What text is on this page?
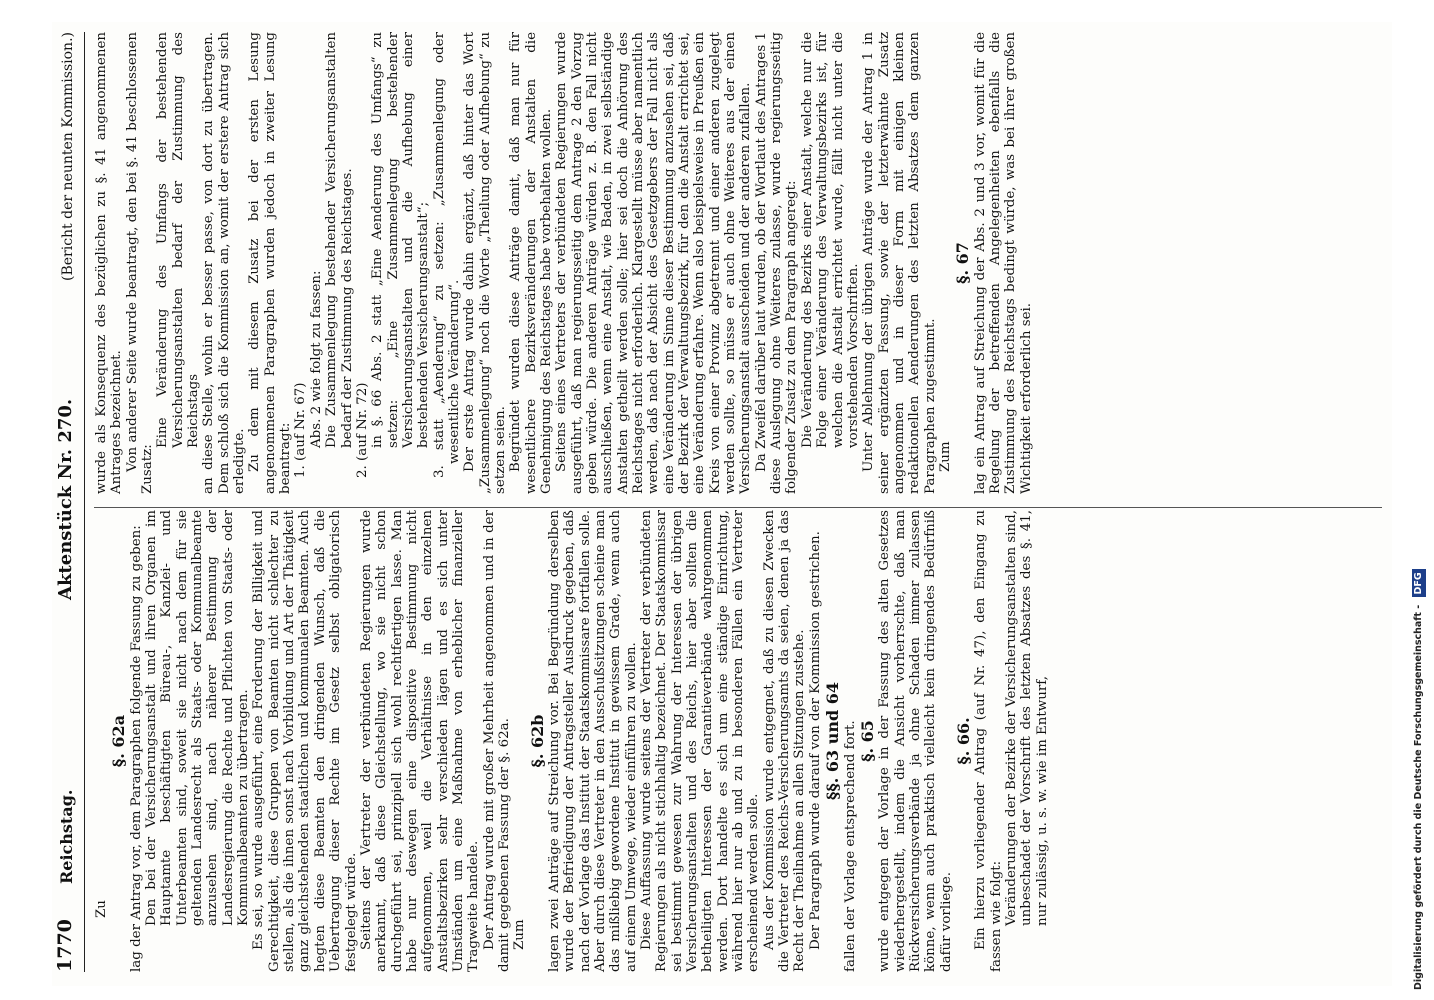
1770
Reichstag.
Aktenstück Nr. 270.
(Bericht der neunten Kommission.)

Zu

§. 62a lag der Antrag vor, dem Paragraphen folgende Fassung zu geben: Den bei der Versicherungsanstalt und ihren Organen im Hauptamte beschäftigten Büreau-, Kanzlei- und Unterbeamten sind, soweit sie nicht nach dem für sie geltenden Landesrecht als Staats- oder Kommunalbeamte anzusehen sind, nach näherer Bestimmung der Landesregierung die Rechte und Pflichten von Staats- oder Kommunalbeamten zu übertragen. Es sei, so wurde ausgeführt, eine Forderung der Billigkeit und Gerechtigkeit, diese Gruppen von Beamten nicht schlechter zu stellen, als die ihnen sonst nach Vorbildung und Art der Thätigkeit ganz gleichstehenden staatlichen und kommunalen Beamten. Auch hegten diese Beamten den dringenden Wunsch, daß die Uebertragung dieser Rechte im Gesetz selbst obligatorisch festgelegt würde. Seitens der Vertreter der verbündeten Regierungen wurde anerkannt, daß diese Gleichstellung, wo sie nicht schon durchgeführt sei, prinzipiell sich wohl rechtfertigen lasse. Man habe nur deswegen eine dispositive Bestimmung nicht aufgenommen, weil die Verhältnisse in den einzelnen Anstaltsbezirken sehr verschieden lägen und es sich unter Umständen um eine Maßnahme von erheblicher finanzieller Tragweite handele. Der Antrag wurde mit großer Mehrheit angenommen und in der damit gegebenen Fassung der §. 62a. Zum

§. 62b lagen zwei Anträge auf Streichung vor. Bei Begründung derselben wurde der Befriedigung der Antragsteller Ausdruck gegeben, daß nach der Vorlage das Institut der Staatskommissare fortfallen solle. Aber durch diese Vertreter in den Ausschußsitzungen scheine man das mißliebig gewordene Institut in gewissem Grade, wenn auch auf einem Umwege, wieder einführen zu wollen. Diese Auffassung wurde seitens der Vertreter der verbündeten Regierungen als nicht stichhaltig bezeichnet. Der Staatskommissar sei bestimmt gewesen zur Wahrung der Interessen der übrigen Versicherungsanstalten und des Reichs, hier aber sollten die betheiligten Interessen der Garantieverbände wahrgenommen werden. Dort handelte es sich um eine ständige Einrichtung, während hier nur ab und zu in besonderen Fällen ein Vertreter erscheinend werden solle. Aus der Kommission wurde entgegnet, daß zu diesen Zwecken die Vertreter des Reichs-Versicherungsamts da seien, denen ja das Recht der Theilnahme an allen Sitzungen zustehe. Der Paragraph wurde darauf von der Kommission gestrichen. §§. 63 und 64 fallen der Vorlage entsprechend fort. §. 65 wurde entgegen der Vorlage in der Fassung des alten Gesetzes wiederhergestellt, indem die Ansicht vorherrschte, daß man Rückversicherungsverbände ja ohne Schaden immer zulassen könne, wenn auch praktisch vielleicht kein dringendes Bedürfniß dafür vorliege.

§. 66. Ein hierzu vorliegender Antrag (auf Nr. 47), den Eingang zu fassen wie folgt: Veränderungen der Bezirke der Versicherungsanstalten sind, unbeschadet der Vorschrift des letzten Absatzes des §. 41, nur zulässig, u. s. w. wie im Entwurf,

wurde als Konsequenz des bezüglichen zu §. 41 angenommenen Antrages bezeichnet. Von anderer Seite wurde beantragt, den bei §. 41 beschlossenen Zusatz:

Eine Veränderung des Umfangs der bestehenden Versicherungsanstalten bedarf der Zustimmung des Reichstags an diese Stelle, wohin er besser passe, von dort zu übertragen. Dem schloß sich die Kommission an, womit der erstere Antrag sich erledigte. Zu dem mit diesem Zusatz bei der ersten Lesung angenommenen Paragraphen wurden jedoch in zweiter Lesung beantragt: 1. (auf Nr. 67) Abs. 2 wie folgt zu fassen: Die Zusammenlegung bestehender Versicherungsanstalten bedarf der Zustimmung des Reichstages. 2. (auf Nr. 72) in §. 66 Abs. 2 statt „Eine Aenderung des Umfangs“ zu setzen: „Eine Zusammenlegung bestehender Versicherungsanstalten und die Aufhebung einer bestehenden Versicherungsanstalt“; 3. statt „Aenderung“ zu setzen: „Zusammenlegung oder wesentliche Veränderung“. Der erste Antrag wurde dahin ergänzt, daß hinter das Wort „Zusammenlegung“ noch die Worte „Theilung oder Aufhebung“ zu setzen seien. Begründet wurden diese Anträge damit, daß man nur für wesentlichere Bezirksveränderungen der Anstalten die Genehmigung des Reichstages habe vorbehalten wollen. Seitens eines Vertreters der verbündeten Regierungen wurde ausgeführt, daß man regierungsseitig dem Antrage 2 den Vorzug geben würde. Die anderen Anträge würden z. B. den Fall nicht ausschließen, wenn eine Anstalt, wie Baden, in zwei selbständige Anstalten getheilt werden solle; hier sei doch die Anhörung des Reichstages nicht erforderlich. Klargestellt müsse aber namentlich werden, daß nach der Absicht des Gesetzgebers der Fall nicht als eine Veränderung im Sinne dieser Bestimmung anzusehen sei, daß der Bezirk der Verwaltungsbezirk, für den die Anstalt errichtet sei, eine Veränderung erfahre. Wenn also beispielsweise in Preußen ein Kreis von einer Provinz abgetrennt und einer anderen zugelegt werden sollte, so müsse er auch ohne Weiteres aus der einen Versicherungsanstalt ausscheiden und der anderen zufallen. Da Zweifel darüber laut wurden, ob der Wortlaut des Antrages 1 diese Auslegung ohne Weiteres zulasse, wurde regierungsseitig folgender Zusatz zu dem Paragraph angeregt: Die Veränderung des Bezirks einer Anstalt, welche nur die Folge einer Veränderung des Verwaltungsbezirks ist, für welchen die Anstalt errichtet wurde, fällt nicht unter die vorstehenden Vorschriften. Unter Ablehnung der übrigen Anträge wurde der Antrag 1 in seiner ergänzten Fassung, sowie der letzterwähnte Zusatz angenommen und in dieser Form mit einigen kleinen redaktionellen Aenderungen des letzten Absatzes dem ganzen Paragraphen zugestimmt. Zum

§. 67 lag ein Antrag auf Streichung der Abs. 2 und 3 vor, womit für die Regelung der betreffenden Angelegenheiten ebenfalls die Zustimmung des Reichstags bedingt würde, was bei ihrer großen Wichtigkeit erforderlich sei.

Digitalisierung gefördert durch die Deutsche Forschungsgemeinschaft - DFG
